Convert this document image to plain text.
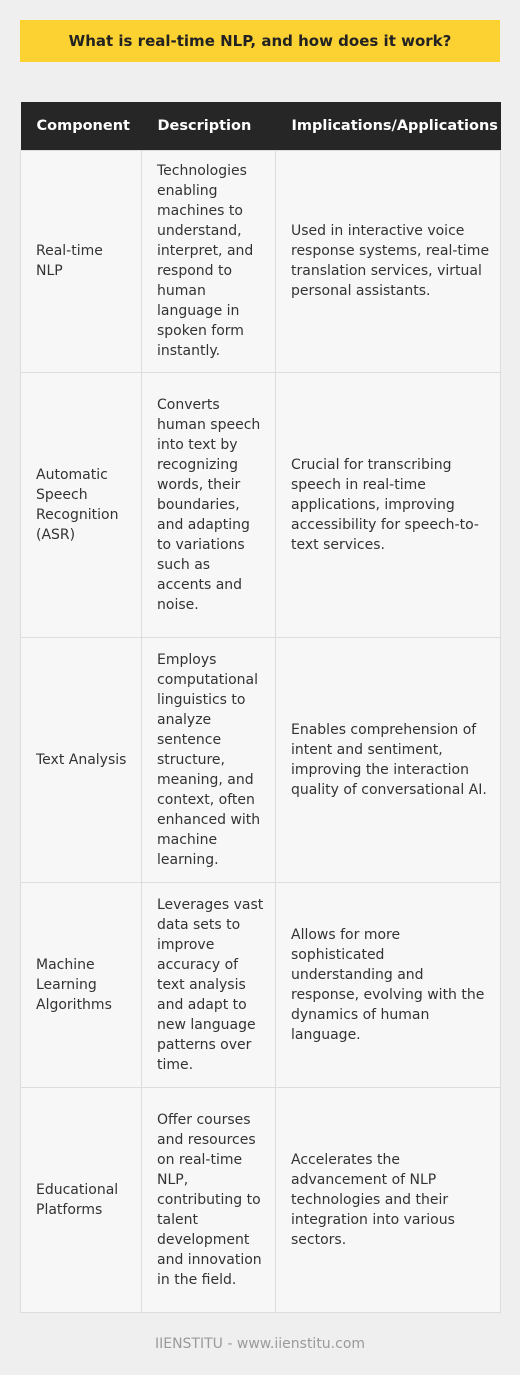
What is real-time NLP, and how does it work?
Component	Description	Implications/Applications
Real-time NLP	Technologies enabling machines to understand, interpret, and respond to human language in spoken form instantly.	Used in interactive voice response systems, real-time translation services, virtual personal assistants.
Automatic Speech Recognition (ASR)	Converts human speech into text by recognizing words, their boundaries, and adapting to variations such as accents and noise.	Crucial for transcribing speech in real-time applications, improving accessibility for speech-to-text services.
Text Analysis	Employs computational linguistics to analyze sentence structure, meaning, and context, often enhanced with machine learning.	Enables comprehension of intent and sentiment, improving the interaction quality of conversational AI.
Machine Learning Algorithms	Leverages vast data sets to improve accuracy of text analysis and adapt to new language patterns over time.	Allows for more sophisticated understanding and response, evolving with the dynamics of human language.
Educational Platforms	Offer courses and resources on real-time NLP, contributing to talent development and innovation in the field.	Accelerates the advancement of NLP technologies and their integration into various sectors.
IIENSTITU - www.iienstitu.com
